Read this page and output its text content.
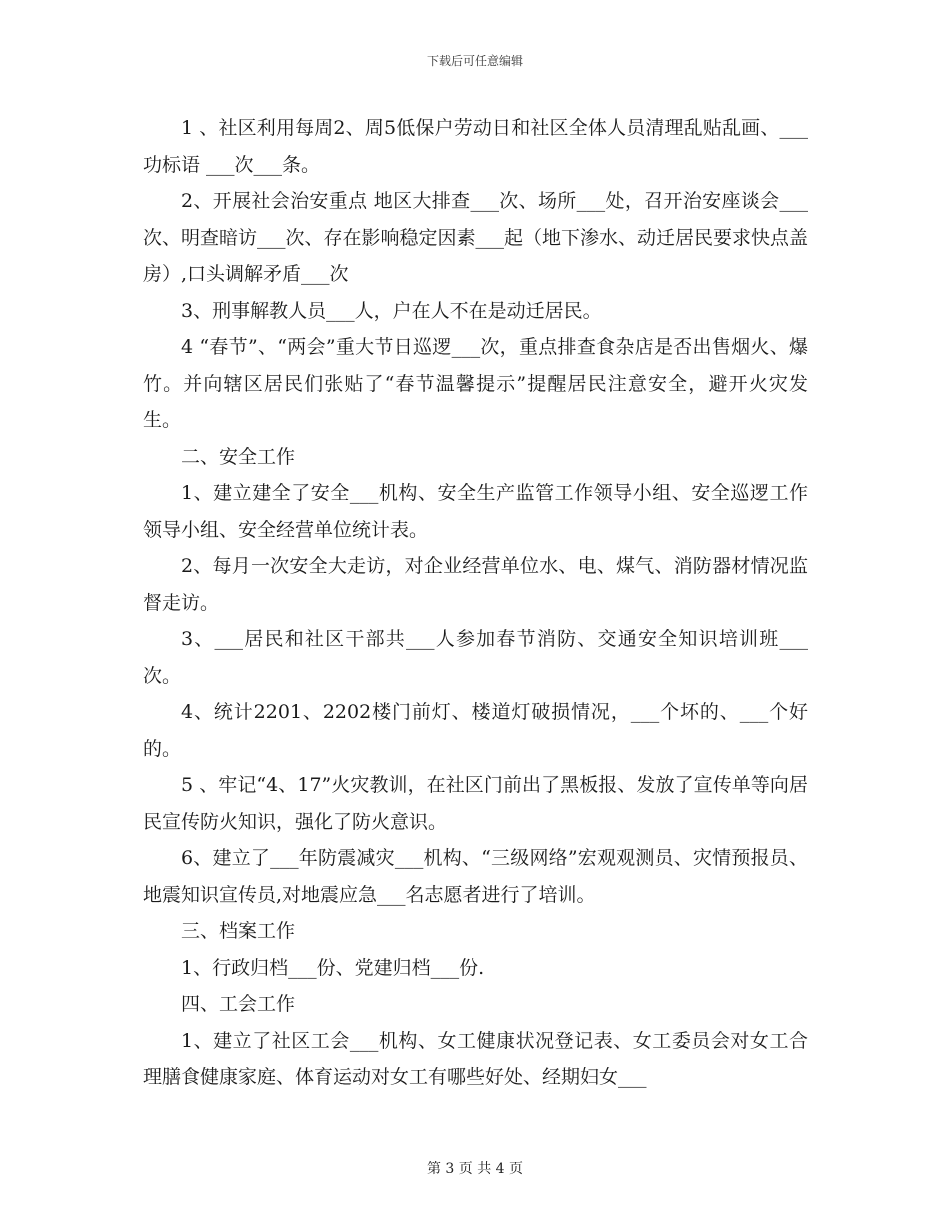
下载后可任意编辑

1 、社区利用每周2、周5低保户劳动日和社区全体人员清理乱贴乱画、___功标语 ___次___条。

2、开展社会治安重点 地区大排查___次、场所___处，召开治安座谈会___次、明查暗访___次、存在影响稳定因素___起（地下渗水、动迁居民要求快点盖房）,口头调解矛盾___次

3、刑事解教人员___人，户在人不在是动迁居民。

4 “春节”、“两会”重大节日巡逻___次，重点排查食杂店是否出售烟火、爆竹。并向辖区居民们张贴了“春节温馨提示”提醒居民注意安全，避开火灾发生。

二、安全工作

1、建立建全了安全___机构、安全生产监管工作领导小组、安全巡逻工作领导小组、安全经营单位统计表。

2、每月一次安全大走访，对企业经营单位水、电、煤气、消防器材情况监督走访。

3、___居民和社区干部共___人参加春节消防、交通安全知识培训班___次。

4、统计2201、2202楼门前灯、楼道灯破损情况，___个坏的、___个好的。

5 、牢记“4、17”火灾教训，在社区门前出了黑板报、发放了宣传单等向居民宣传防火知识，强化了防火意识。

6、建立了___年防震减灾___机构、“三级网络”宏观观测员、灾情预报员、地震知识宣传员,对地震应急___名志愿者进行了培训。

三、档案工作

1、行政归档___份、党建归档___份.

四、工会工作

1、建立了社区工会___机构、女工健康状况登记表、女工委员会对女工合理膳食健康家庭、体育运动对女工有哪些好处、经期妇女___

第 3 页 共 4 页
